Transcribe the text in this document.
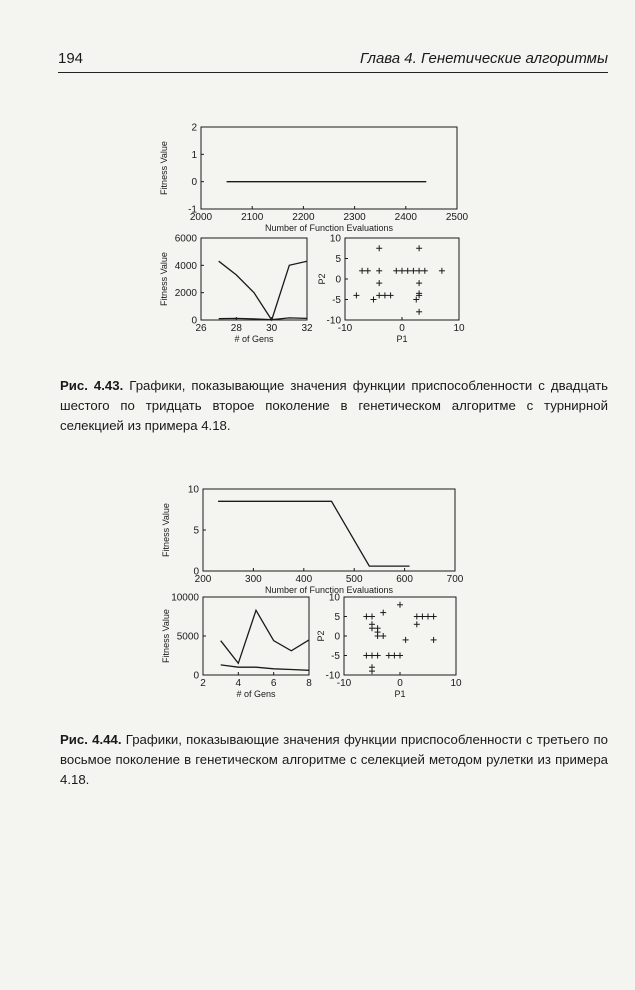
194	Глава 4. Генетические алгоритмы
2000	2100	2200	2300	2400	2500
-1
0
1
2
Number of Function Evaluations
Fitness Value
26 28 30 32
0
2000
4000
6000
# of Gens
Fitness Value
-10	0	10
-10
-5
0
5
10
P1
P2
200	300	400	500	600	700
0
5
10
Number of Function Evaluations
Fitness Value
2	4	6	8
0
5000
10000
# of Gens
Fitness Value
-10	0	10
-10
-5
0
5
10
P1
P2
Рис. 4.43. Графики, показывающие значения функции приспособленности с двадцать шестого по тридцать второе поколение в генетическом алгоритме с турнирной селекцией из примера 4.18.
Рис. 4.44. Графики, показывающие значения функции приспособленности с третьего по восьмое поколение в генетическом алгоритме с селекцией методом рулетки из примера 4.18.
